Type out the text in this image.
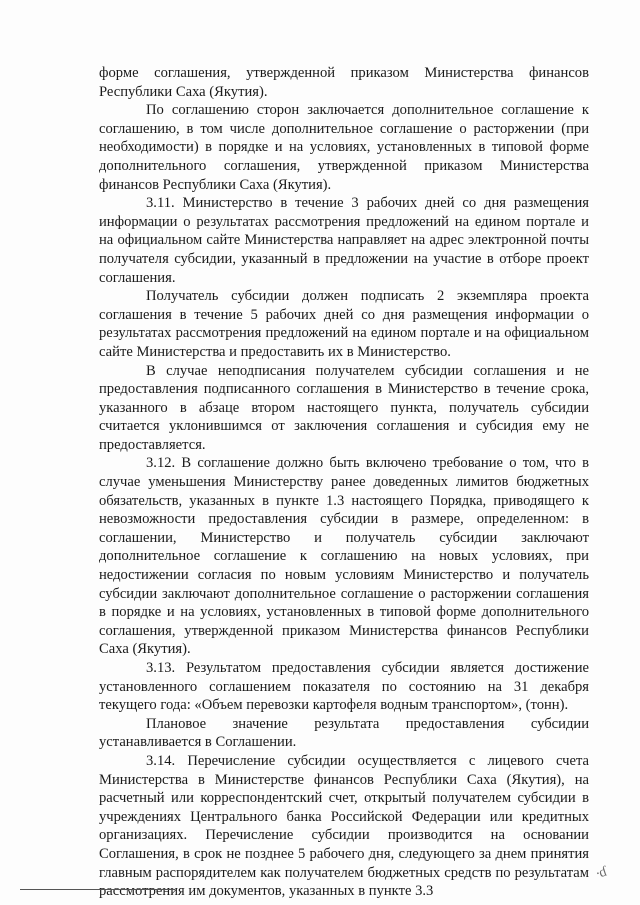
форме соглашения, утвержденной приказом Министерства финансов Республики Саха (Якутия).

По соглашению сторон заключается дополнительное соглашение к соглашению, в том числе дополнительное соглашение о расторжении (при необходимости) в порядке и на условиях, установленных в типовой форме дополнительного соглашения, утвержденной приказом Министерства финансов Республики Саха (Якутия).

3.11. Министерство в течение 3 рабочих дней со дня размещения информации о результатах рассмотрения предложений на едином портале и на официальном сайте Министерства направляет на адрес электронной почты получателя субсидии, указанный в предложении на участие в отборе проект соглашения.

Получатель субсидии должен подписать 2 экземпляра проекта соглашения в течение 5 рабочих дней со дня размещения информации о результатах рассмотрения предложений на едином портале и на официальном сайте Министерства и предоставить их в Министерство.

В случае неподписания получателем субсидии соглашения и не предоставления подписанного соглашения в Министерство в течение срока, указанного в абзаце втором настоящего пункта, получатель субсидии считается уклонившимся от заключения соглашения и субсидия ему не предоставляется.

3.12. В соглашение должно быть включено требование о том, что в случае уменьшения Министерству ранее доведенных лимитов бюджетных обязательств, указанных в пункте 1.3 настоящего Порядка, приводящего к невозможности предоставления субсидии в размере, определенном: в соглашении, Министерство и получатель субсидии заключают дополнительное соглашение к соглашению на новых условиях, при недостижении согласия по новым условиям Министерство и получатель субсидии заключают дополнительное соглашение о расторжении соглашения в порядке и на условиях, установленных в типовой форме дополнительного соглашения, утвержденной приказом Министерства финансов Республики Саха (Якутия).

3.13. Результатом предоставления субсидии является достижение установленного соглашением показателя по состоянию на 31 декабря текущего года: «Объем перевозки картофеля водным транспортом», (тонн).

Плановое значение результата предоставления субсидии устанавливается в Соглашении.

3.14. Перечисление субсидии осуществляется с лицевого счета Министерства в Министерстве финансов Республики Саха (Якутия), на расчетный или корреспондентский счет, открытый получателем субсидии в учреждениях Центрального банка Российской Федерации или кредитных организациях. Перечисление субсидии производится на основании Соглашения, в срок не позднее 5 рабочего дня, следующего за днем принятия главным распорядителем как получателем бюджетных средств по результатам рассмотрения им документов, указанных в пункте 3.3

·ɗ
